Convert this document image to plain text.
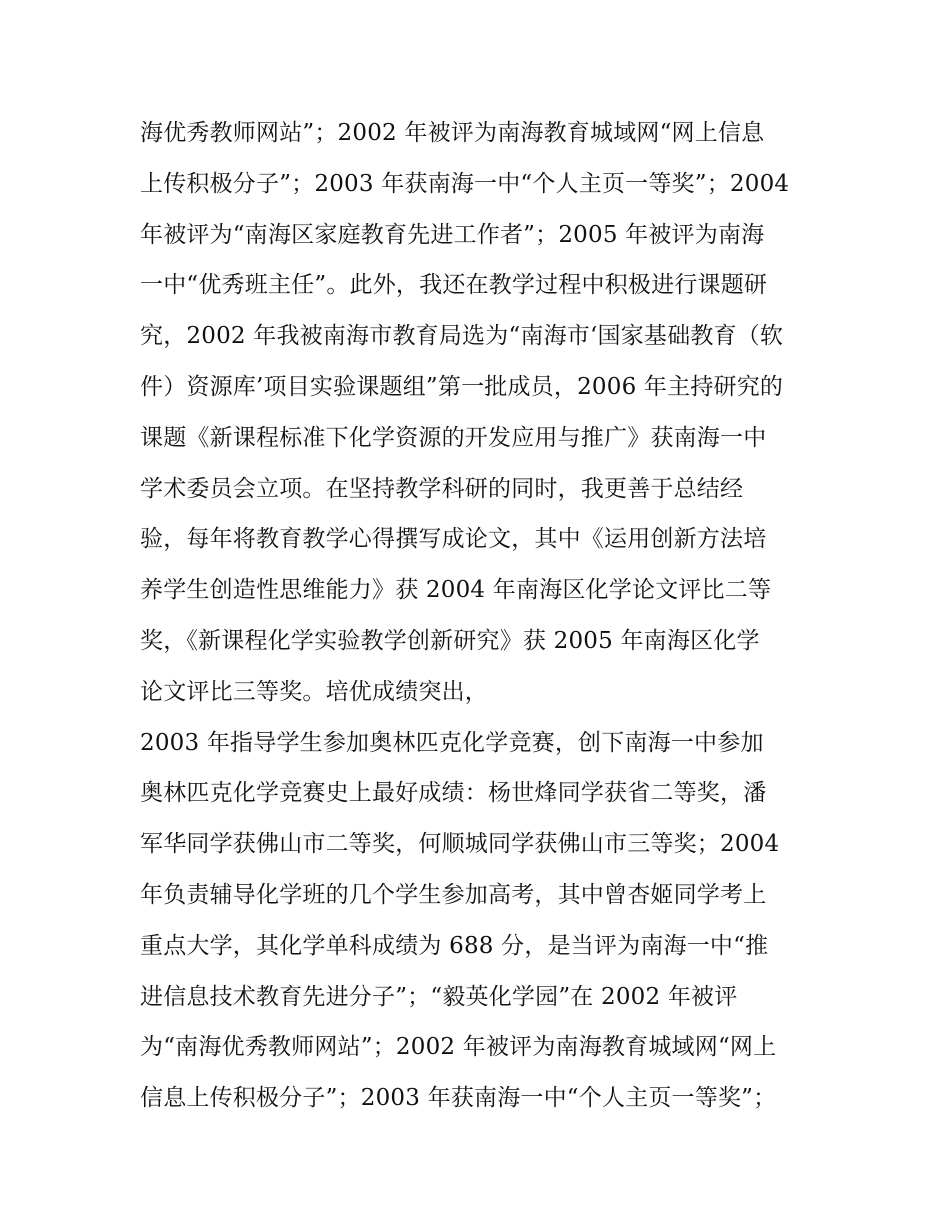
海优秀教师网站”；2002 年被评为南海教育城域网“网上信息
上传积极分子”；2003 年获南海一中“个人主页一等奖”；2004
年被评为“南海区家庭教育先进工作者”；2005 年被评为南海
一中“优秀班主任”。此外，我还在教学过程中积极进行课题研
究，2002 年我被南海市教育局选为“南海市‘国家基础教育（软
件）资源库’项目实验课题组”第一批成员，2006 年主持研究的
课题《新课程标准下化学资源的开发应用与推广》获南海一中
学术委员会立项。在坚持教学科研的同时，我更善于总结经
验，每年将教育教学心得撰写成论文，其中《运用创新方法培
养学生创造性思维能力》获 2004 年南海区化学论文评比二等
奖，《新课程化学实验教学创新研究》获 2005 年南海区化学
论文评比三等奖。培优成绩突出，
2003 年指导学生参加奥林匹克化学竞赛，创下南海一中参加
奥林匹克化学竞赛史上最好成绩：杨世烽同学获省二等奖，潘
军华同学获佛山市二等奖，何顺城同学获佛山市三等奖；2004
年负责辅导化学班的几个学生参加高考，其中曾杏姬同学考上
重点大学，其化学单科成绩为 688 分，是当评为南海一中“推
进信息技术教育先进分子”；“毅英化学园”在 2002 年被评
为“南海优秀教师网站”；2002 年被评为南海教育城域网“网上
信息上传积极分子”；2003 年获南海一中“个人主页一等奖”；
